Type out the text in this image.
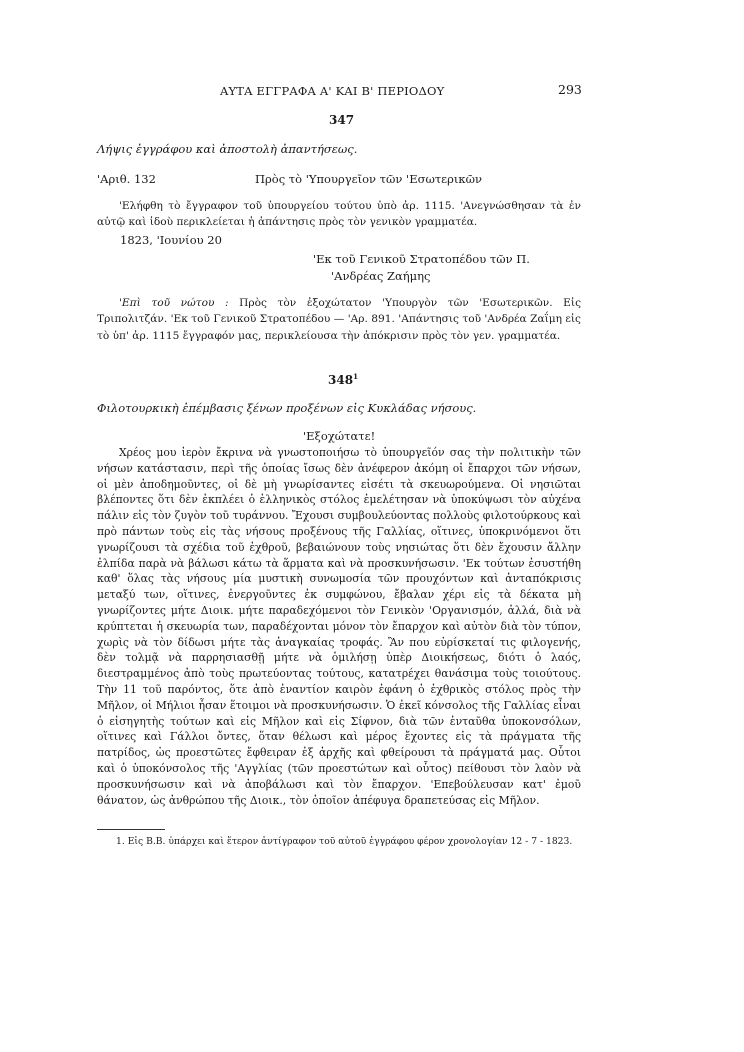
ΑΥΤΑ ΕΓΓΡΑΦΑ Α' ΚΑΙ Β' ΠΕΡΙΟΔΟΥ	293
347
Λήψις ἐγγράφου καὶ ἀποστολὴ ἀπαντήσεως.
'Αριθ. 132	Πρὸς τὸ 'Υπουργεῖον τῶν 'Εσωτερικῶν

'Ελήφθη τὸ ἔγγραφον τοῦ ὑπουργείου τούτου ὑπὸ ἀρ. 1115. 'Ανεγνώσθησαν τὰ ἐν αὐτῷ καὶ ἰδοὺ περικλείεται ἡ ἀπάντησις πρὸς τὸν γενικὸν γραμματέα.

1823, 'Ιουνίου 20
'Εκ τοῦ Γενικοῦ Στρατοπέδου τῶν Π.
'Ανδρέας Ζαήμης

'Επὶ τοῦ νώτου : Πρὸς τὸν ἐξοχώτατον 'Υπουργὸν τῶν 'Εσωτερικῶν. Εἰς Τριπολιτζάν. 'Εκ τοῦ Γενικοῦ Στρατοπέδου — 'Αρ. 891. 'Απάντησις τοῦ 'Ανδρέα Ζαΐμη εἰς τὸ ὑπ' ἀρ. 1115 ἔγγραφόν μας, περικλείουσα τὴν ἀπόκρισιν πρὸς τὸν γεν. γραμματέα.

$348^1$
Φιλοτουρκικὴ ἐπέμβασις ξένων προξένων εἰς Κυκλάδας νήσους.
'Εξοχώτατε!

Χρέος μου ἱερὸν ἔκρινα νὰ γνωστοποιήσω τὸ ὑπουργεῖόν σας τὴν πολιτικὴν τῶν νήσων κατάστασιν, περὶ τῆς ὁποίας ἴσως δὲν ἀνέφερον ἀκόμη οἱ ἔπαρχοι τῶν νήσων, οἱ μὲν ἀποδημοῦντες, οἱ δὲ μὴ γνωρίσαντες εἰσέτι τὰ σκευωρούμενα. Οἱ νησιῶται βλέποντες ὅτι δὲν ἐκπλέει ὁ ἑλληνικὸς στόλος ἐμελέτησαν νὰ ὑποκύψωσι τὸν αὐχένα πάλιν εἰς τὸν ζυγὸν τοῦ τυράννου. Ἔχουσι συμβουλεύοντας πολλοὺς φιλοτούρκους καὶ πρὸ πάντων τοὺς εἰς τὰς νήσους προξένους τῆς Γαλλίας, οἵτινες, ὑποκρινόμενοι ὅτι γνωρίζουσι τὰ σχέδια τοῦ ἐχθροῦ, βεβαιώνουν τοὺς νησιώτας ὅτι δὲν ἔχουσιν ἄλλην ἐλπίδα παρὰ νὰ βάλωσι κάτω τὰ ἅρματα καὶ νὰ προσκυνήσωσιν. 'Εκ τούτων ἐσυστήθη καθ' ὅλας τὰς νήσους μία μυστικὴ συνωμοσία τῶν προυχόντων καὶ ἀνταπόκρισις μεταξύ των, οἵτινες, ἐνεργοῦντες ἐκ συμφώνου, ἔβαλαν χέρι εἰς τὰ δέκατα μὴ γνωρίζοντες μήτε Διοικ. μήτε παραδεχόμενοι τὸν Γενικὸν 'Οργανισμόν, ἀλλά, διὰ νὰ κρύπτεται ἡ σκευωρία των, παραδέχονται μόνον τὸν ἔπαρχον καὶ αὐτὸν διὰ τὸν τύπον, χωρὶς νὰ τὸν δίδωσι μήτε τὰς ἀναγκαίας τροφάς. Ἂν που εὑρίσκεταί τις φιλογενής, δὲν τολμᾷ νὰ παρρησιασθῇ μήτε νὰ ὁμιλήσῃ ὑπὲρ Διοικήσεως, διότι ὁ λαός, διεστραμμένος ἀπὸ τοὺς πρωτεύοντας τούτους, κατατρέχει θανάσιμα τοὺς τοιούτους. Τὴν 11 τοῦ παρόντος, ὅτε ἀπὸ ἐναντίον καιρὸν ἐφάνη ὁ ἐχθρικὸς στόλος πρὸς τὴν Μῆλον, οἱ Μήλιοι ἦσαν ἕτοιμοι νὰ προσκυνήσωσιν. Ὁ ἐκεῖ κόνσολος τῆς Γαλλίας εἶναι ὁ εἰσηγητὴς τούτων καὶ εἰς Μῆλον καὶ εἰς Σίφνον, διὰ τῶν ἐνταῦθα ὑποκονσόλων, οἵτινες καὶ Γάλλοι ὄντες, ὅταν θέλωσι καὶ μέρος ἔχοντες εἰς τὰ πράγματα τῆς πατρίδος, ὡς προεστῶτες ἔφθειραν ἐξ ἀρχῆς καὶ φθείρουσι τὰ πράγματά μας. Οὗτοι καὶ ὁ ὑποκόνσολος τῆς 'Αγγλίας (τῶν προεστώτων καὶ οὗτος) πείθουσι τὸν λαὸν νὰ προσκυνήσωσιν καὶ νὰ ἀποβάλωσι καὶ τὸν ἔπαρχον. 'Επεβούλευσαν κατ' ἐμοῦ θάνατον, ὡς ἀνθρώπου τῆς Διοικ., τὸν ὁποῖον ἀπέφυγα δραπετεύσας εἰς Μῆλον.

1. Εἰς Β.Β. ὑπάρχει καὶ ἕτερον ἀντίγραφον τοῦ αὐτοῦ ἐγγράφου φέρον χρονολογίαν 12 - 7 - 1823.
